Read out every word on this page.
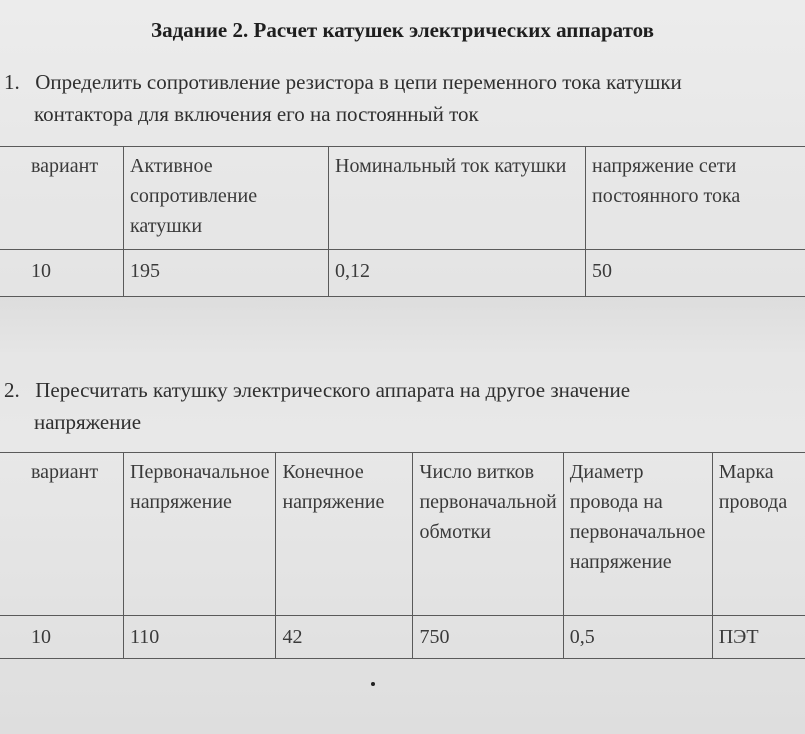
Задание 2. Расчет катушек электрических аппаратов
1. Определить сопротивление резистора в цепи переменного тока катушки
контактора для включения его на постоянный ток
вариант	Активное сопротивление катушки	Номинальный ток катушки	напряжение сети постоянного тока
10	195	0,12	50
2. Пересчитать катушку электрического аппарата на другое значение
напряжение
вариант	Первоначальное напряжение	Конечное напряжение	Число витков первоначальной обмотки	Диаметр провода на первоначальное напряжение	Марка провода
10	110	42	750	0,5	ПЭТ
